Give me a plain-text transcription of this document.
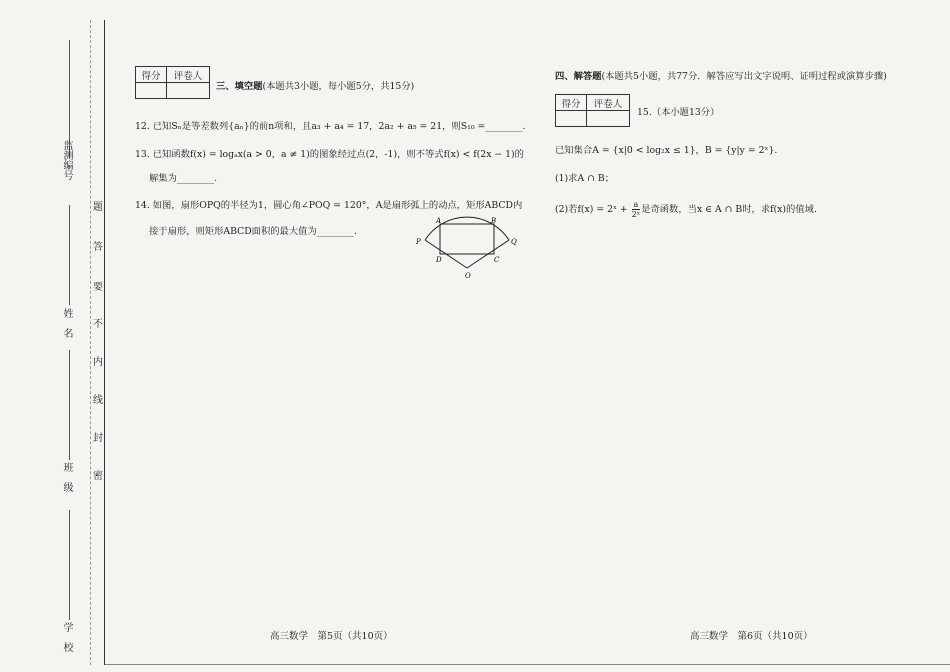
监测编号
姓　名
班　级
学　校
题
答
要
不
内
线
封
密
得分	评卷人

三、填空题(本题共3小题，每小题5分，共15分)
12. 已知Sₙ是等差数列{aₙ}的前n项和，且a₃ + a₄ = 17，2a₂ + a₅ = 21，则S₁₀ =________.
13. 已知函数f(x) = logₐx(a > 0，a ≠ 1)的图象经过点(2，-1)，则不等式f(x) < f(2x − 1)的
解集为________.
14. 如图，扇形OPQ的半径为1，圆心角∠POQ = 120°，A是扇形弧上的动点，矩形ABCD内
接于扇形，则矩形ABCD面积的最大值为________.
A	B
C
D
O
P	Q
高三数学　第5页（共10页）
四、解答题(本题共5小题，共77分．解答应写出文字说明、证明过程或演算步骤)
得分	评卷人

15.（本小题13分）
已知集合A = {x|0 < log₂x ≤ 1}，B = {y|y = 2ˣ}.
(1)求A ∩ B；
(2)若f(x) = 2ˣ + $\frac{a}{\text{2ˣ}}$ 是奇函数，当x ∈ A ∩ B时，求f(x)的值域.
高三数学　第6页（共10页）
